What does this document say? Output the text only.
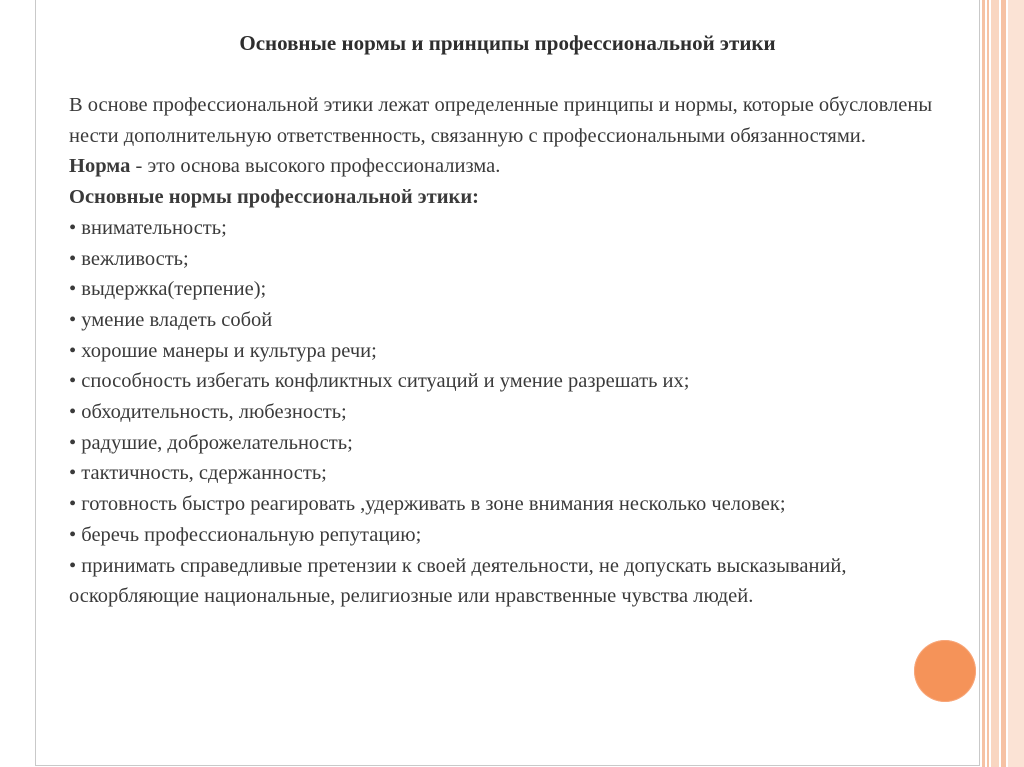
Основные нормы и принципы профессиональной этики

В основе профессиональной этики лежат определенные принципы и нормы, которые обусловлены нести дополнительную ответственность, связанную с профессиональными обязанностями.

Норма - это основа высокого профессионализма.

Основные нормы профессиональной этики:

• внимательность;
• вежливость;
• выдержка(терпение);
• умение владеть собой
• хорошие манеры и культура речи;
• способность избегать конфликтных ситуаций и умение разрешать их;
• обходительность, любезность;
• радушие, доброжелательность;
• тактичность, сдержанность;
• готовность быстро реагировать ,удерживать в зоне внимания несколько человек;
• беречь профессиональную репутацию;
• принимать справедливые претензии к своей деятельности, не допускать высказываний, оскорбляющие национальные, религиозные или нравственные чувства людей.
